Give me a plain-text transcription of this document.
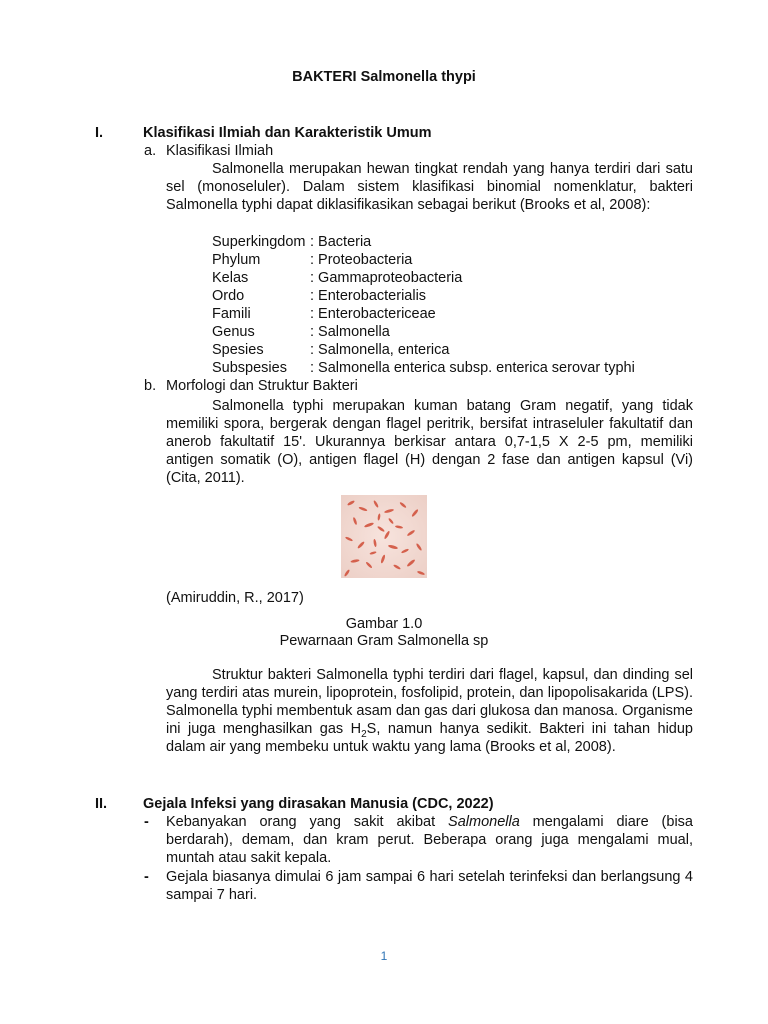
BAKTERI Salmonella thypi
I.	Klasifikasi Ilmiah dan Karakteristik Umum
a. Klasifikasi Ilmiah
Salmonella merupakan hewan tingkat rendah yang hanya terdiri dari satu sel (monoseluler). Dalam sistem klasifikasi binomial nomenklatur, bakteri Salmonella typhi dapat diklasifikasikan sebagai berikut (Brooks et al, 2008):
Superkingdom : Bacteria
Phylum	: Proteobacteria
Kelas	: Gammaproteobacteria
Ordo	: Enterobacterialis
Famili	: Enterobactericeae
Genus	: Salmonella
Spesies	: Salmonella, enterica
Subspesies : Salmonella enterica subsp. enterica serovar typhi
b. Morfologi dan Struktur Bakteri
Salmonella typhi merupakan kuman batang Gram negatif, yang tidak memiliki spora, bergerak dengan flagel peritrik, bersifat intraseluler fakultatif dan anerob fakultatif 15'. Ukurannya berkisar antara 0,7-1,5 X 2-5 pm, memiliki antigen somatik (O), antigen flagel (H) dengan 2 fase dan antigen kapsul (Vi) (Cita, 2011).
(Amiruddin, R., 2017)
Gambar 1.0
Pewarnaan Gram Salmonella sp
Struktur bakteri Salmonella typhi terdiri dari flagel, kapsul, dan dinding sel yang terdiri atas murein, lipoprotein, fosfolipid, protein, dan lipopolisakarida (LPS). Salmonella typhi membentuk asam dan gas dari glukosa dan manosa. Organisme ini juga menghasilkan gas $H_2S$, namun hanya sedikit. Bakteri ini tahan hidup dalam air yang membeku untuk waktu yang lama (Brooks et al, 2008).
II. Gejala Infeksi yang dirasakan Manusia (CDC, 2022)
- Kebanyakan orang yang sakit akibat Salmonella mengalami diare (bisa berdarah), demam, dan kram perut. Beberapa orang juga mengalami mual, muntah atau sakit kepala.
- Gejala biasanya dimulai 6 jam sampai 6 hari setelah terinfeksi dan berlangsung 4 sampai 7 hari.
1
